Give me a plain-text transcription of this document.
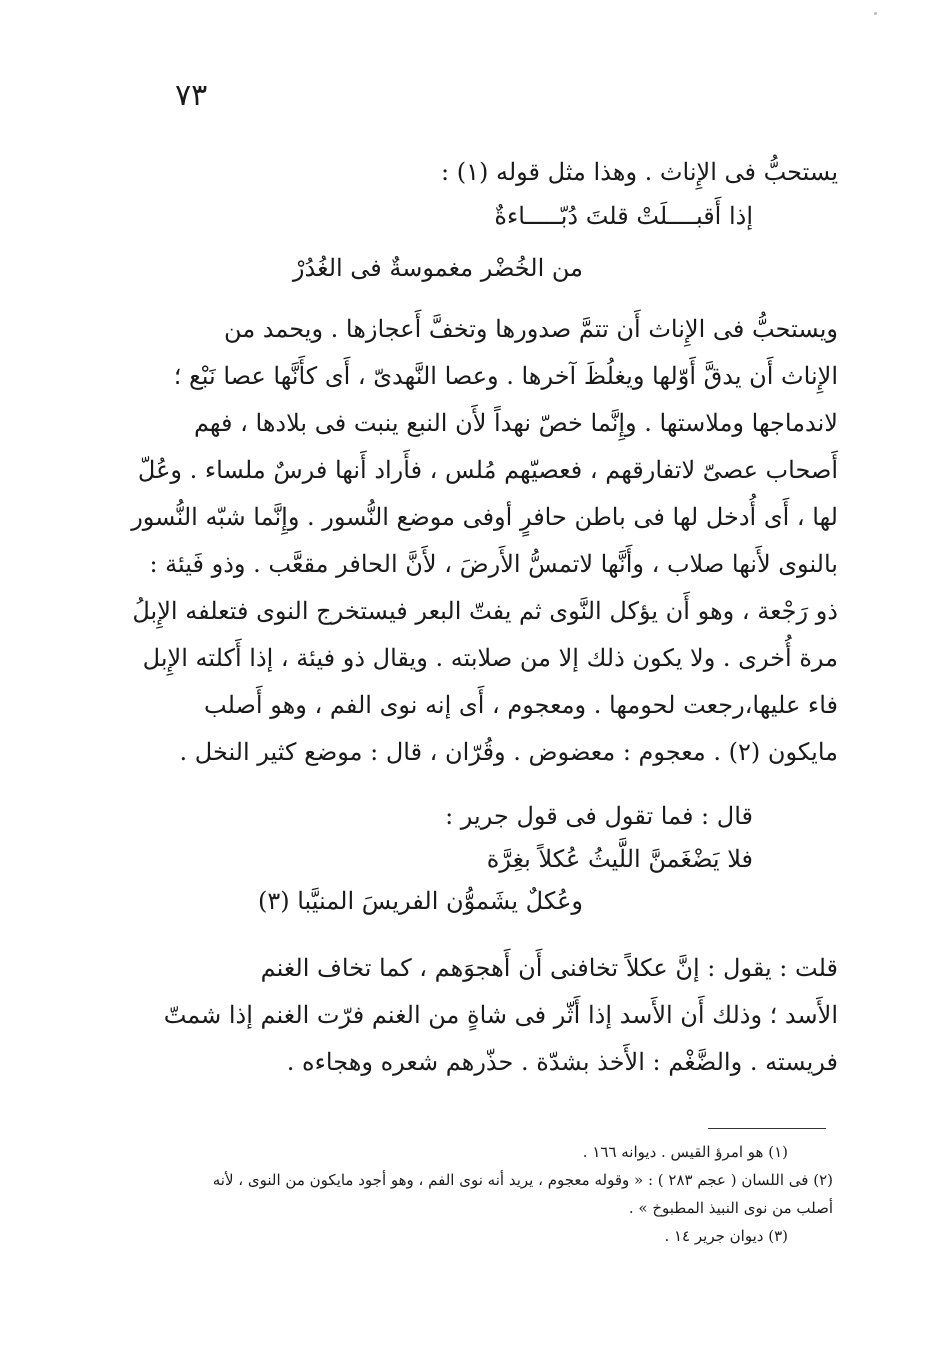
٧٣
يستحبُّ فى الإِناث . وهذا مثل قوله (١) :
إذا أَقبــــلَتْ قلتَ دُبّـــــاءةٌ
من الخُضْر مغموسةٌ فى الغُدُرْ
ويستحبُّ فى الإِناث أَن تتمَّ صدورها وتخفَّ أَعجازها . ويحمد من
الإِناث أَن يدقَّ أَوّلها ويغلُظَ آخرها . وعصا النَّهدىّ ، أَى كأَنَّها عصا نَبْع ؛
لاندماجها وملاستها . وإِنَّما خصّ نهداً لأَن النبع ينبت فى بلادها ، فهم
أَصحاب عصىّ لاتفارقهم ، فعصيّهم مُلس ، فأَراد أَنها فرسٌ ملساء . وعُلّ
لها ، أَى أُدخل لها فى باطن حافرٍ أوفى موضع النُّسور . وإِنَّما شبّه النُّسور
بالنوى لأَنها صلاب ، وأَنَّها لاتمسُّ الأَرضَ ، لأَنَّ الحافر مقعَّب . وذو فَيئة :
ذو رَجْعة ، وهو أَن يؤكل النَّوى ثم يفتّ البعر فيستخرج النوى فتعلفه الإِبلُ
مرة أُخرى . ولا يكون ذلك إلا من صلابته . ويقال ذو فيئة ، إذا أَكلته الإِبل
فاء عليها،رجعت لحومها . ومعجوم ، أَى إنه نوى الفم ، وهو أَصلب
مايكون (٢) . معجوم : معضوض . وقُرّان ، قال : موضع كثير النخل .
قال : فما تقول فى قول جرير :
فلا يَضْغَمنَّ اللَّيثُ عُكلاً بغِرَّة
وعُكلٌ يشَموُّن الفريسَ المنيَّبا (٣)
قلت : يقول : إنَّ عكلاً تخافنى أَن أَهجوَهم ، كما تخاف الغنم
الأَسد ؛ وذلك أَن الأَسد إذا أَثّر فى شاةٍ من الغنم فرّت الغنم إذا شمتّ
فريسته . والضَّغْم : الأَخذ بشدّة . حذّرهم شعره وهجاءه .
(١) هو امرؤ القيس . ديوانه ١٦٦ .
(٢) فى اللسان ( عجم ٢٨٣ ) : « وقوله معجوم ، يريد أنه نوى الفم ، وهو أجود مايكون من النوى ، لأنه
أصلب من نوى النبيذ المطبوخ » .
(٣) ديوان جرير ١٤ .
